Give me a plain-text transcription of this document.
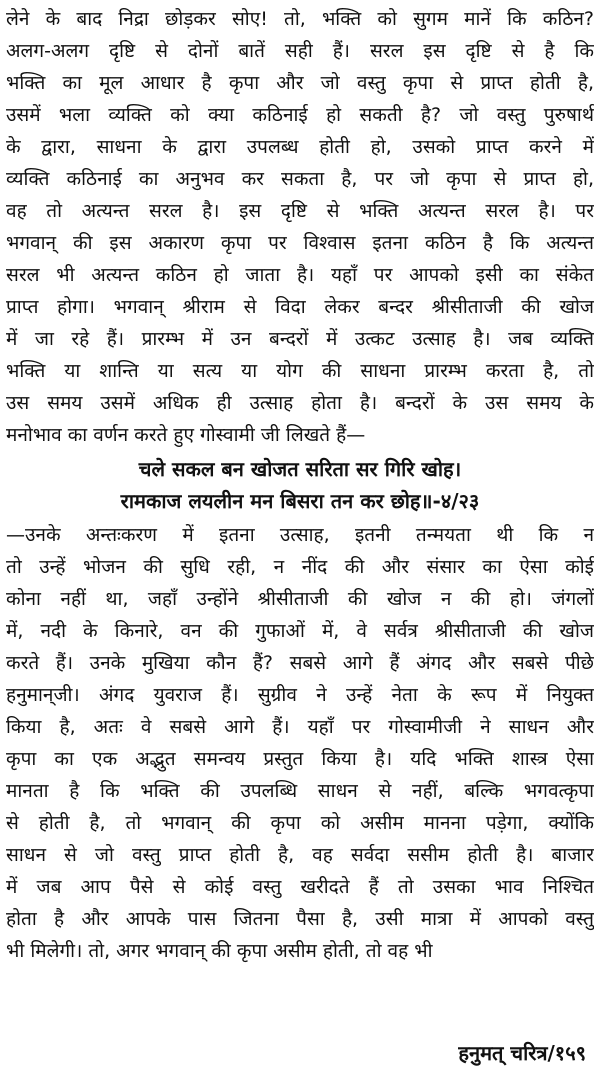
लेने के बाद निद्रा छोड़कर सोए! तो, भक्ति को सुगम मानें कि कठिन?
अलग-अलग दृष्टि से दोनों बातें सही हैं। सरल इस दृष्टि से है कि
भक्ति का मूल आधार है कृपा और जो वस्तु कृपा से प्राप्त होती है,
उसमें भला व्यक्ति को क्या कठिनाई हो सकती है? जो वस्तु पुरुषार्थ
के द्वारा, साधना के द्वारा उपलब्ध होती हो, उसको प्राप्त करने में
व्यक्ति कठिनाई का अनुभव कर सकता है, पर जो कृपा से प्राप्त हो,
वह तो अत्यन्त सरल है। इस दृष्टि से भक्ति अत्यन्त सरल है। पर
भगवान् की इस अकारण कृपा पर विश्वास इतना कठिन है कि अत्यन्त
सरल भी अत्यन्त कठिन हो जाता है। यहाँ पर आपको इसी का संकेत
प्राप्त होगा। भगवान् श्रीराम से विदा लेकर बन्दर श्रीसीताजी की खोज
में जा रहे हैं। प्रारम्भ में उन बन्दरों में उत्कट उत्साह है। जब व्यक्ति
भक्ति या शान्ति या सत्य या योग की साधना प्रारम्भ करता है, तो
उस समय उसमें अधिक ही उत्साह होता है। बन्दरों के उस समय के
मनोभाव का वर्णन करते हुए गोस्वामी जी लिखते हैं—
चले सकल बन खोजत सरिता सर गिरि खोह।
रामकाज लयलीन मन बिसरा तन कर छोह॥-४/२३
—उनके अन्तःकरण में इतना उत्साह, इतनी तन्मयता थी कि न
तो उन्हें भोजन की सुधि रही, न नींद की और संसार का ऐसा कोई
कोना नहीं था, जहाँ उन्होंने श्रीसीताजी की खोज न की हो। जंगलों
में, नदी के किनारे, वन की गुफाओं में, वे सर्वत्र श्रीसीताजी की खोज
करते हैं। उनके मुखिया कौन हैं? सबसे आगे हैं अंगद और सबसे पीछे
हनुमान्‌जी। अंगद युवराज हैं। सुग्रीव ने उन्हें नेता के रूप में नियुक्त
किया है, अतः वे सबसे आगे हैं। यहाँ पर गोस्वामीजी ने साधन और
कृपा का एक अद्भुत समन्वय प्रस्तुत किया है। यदि भक्ति शास्त्र ऐसा
मानता है कि भक्ति की उपलब्धि साधन से नहीं, बल्कि भगवत्कृपा
से होती है, तो भगवान् की कृपा को असीम मानना पड़ेगा, क्योंकि
साधन से जो वस्तु प्राप्त होती है, वह सर्वदा ससीम होती है। बाजार
में जब आप पैसे से कोई वस्तु खरीदते हैं तो उसका भाव निश्चित
होता है और आपके पास जितना पैसा है, उसी मात्रा में आपको वस्तु
भी मिलेगी। तो, अगर भगवान् की कृपा असीम होती, तो वह भी
हनुमत् चरित्र/१५९
